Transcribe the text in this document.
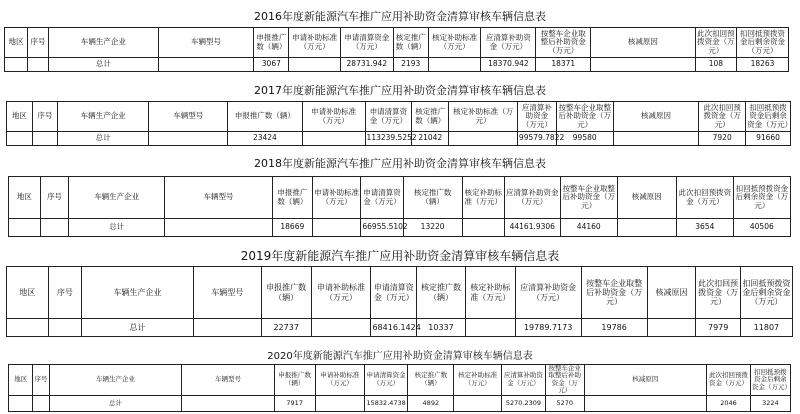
2016年度新能源汽车推广应用补助资金清算审核车辆信息表
地区	序号	车辆生产企业	车辆型号	申报推广数（辆）	申请补助标准（万元）	申请清算资金（万元）	核定推广数（辆）	核定补助标准（万元）	应清算补助资金（万元）	按整车企业取整后补助资金（万元）	核减原因	此次扣回预拨资金（万元）	扣回抵预拨资金后剩余资金（万元）
		总计		3067		28731.942	2193		18370.942	18371		108	18263
2017年度新能源汽车推广应用补助资金清算审核车辆信息表
地区	序号	车辆生产企业	车辆型号	申报推广数（辆）	申请补助标准（万元）	申请清算资金（万元）	核定推广数（辆）	核定补助标准（万元）	应清算补助资金（万元）	按整车企业取整后补助资金（万元）	核减原因	此次扣回预拨资金（万元）	扣回抵预拨资金后剩余资金（万元）
		总计		23424		113239.5252	21042		99579.7822	99580		7920	91660
2018年度新能源汽车推广应用补助资金清算审核车辆信息表
地区	序号	车辆生产企业	车辆型号	申报推广数（辆）	申请补助标准（万元）	申请清算资金（万元）	核定推广数（辆）	核定补助标准（万元）	应清算补助资金（万元）	按整车企业取整后补助资金（万元）	核减原因	此次扣回预拨资金（万元）	扣回抵预拨资金后剩余资金（万元）
		总计		18669		66955.5102	13220		44161.9306	44160		3654	40506
2019年度新能源汽车推广应用补助资金清算审核车辆信息表
地区	序号	车辆生产企业	车辆型号	申报推广数（辆）	申请补助标准（万元）	申请清算资金（万元）	核定推广数（辆）	核定补助标准（万元）	应清算补助资金（万元）	按整车企业取整后补助资金（万元）	核减原因	此次扣回预拨资金（万元）	扣回抵预拨资金后剩余资金（万元）
		总计		22737		68416.1424	10337		19789.7173	19786		7979	11807
2020年度新能源汽车推广应用补助资金清算审核车辆信息表
地区	序号	车辆生产企业	车辆型号	申报推广数（辆）	申请补助标准（万元）	申请清算资金（万元）	核定推广数（辆）	核定补助标准（万元）	应清算补助资金（万元）	按整车企业取整后补助资金（万元）	核减原因	此次扣回预拨资金（万元）	扣回抵预拨资金后剩余资金（万元）
		总计		7917		15832.4738	4892		5270.2309	5270		2046	3224
